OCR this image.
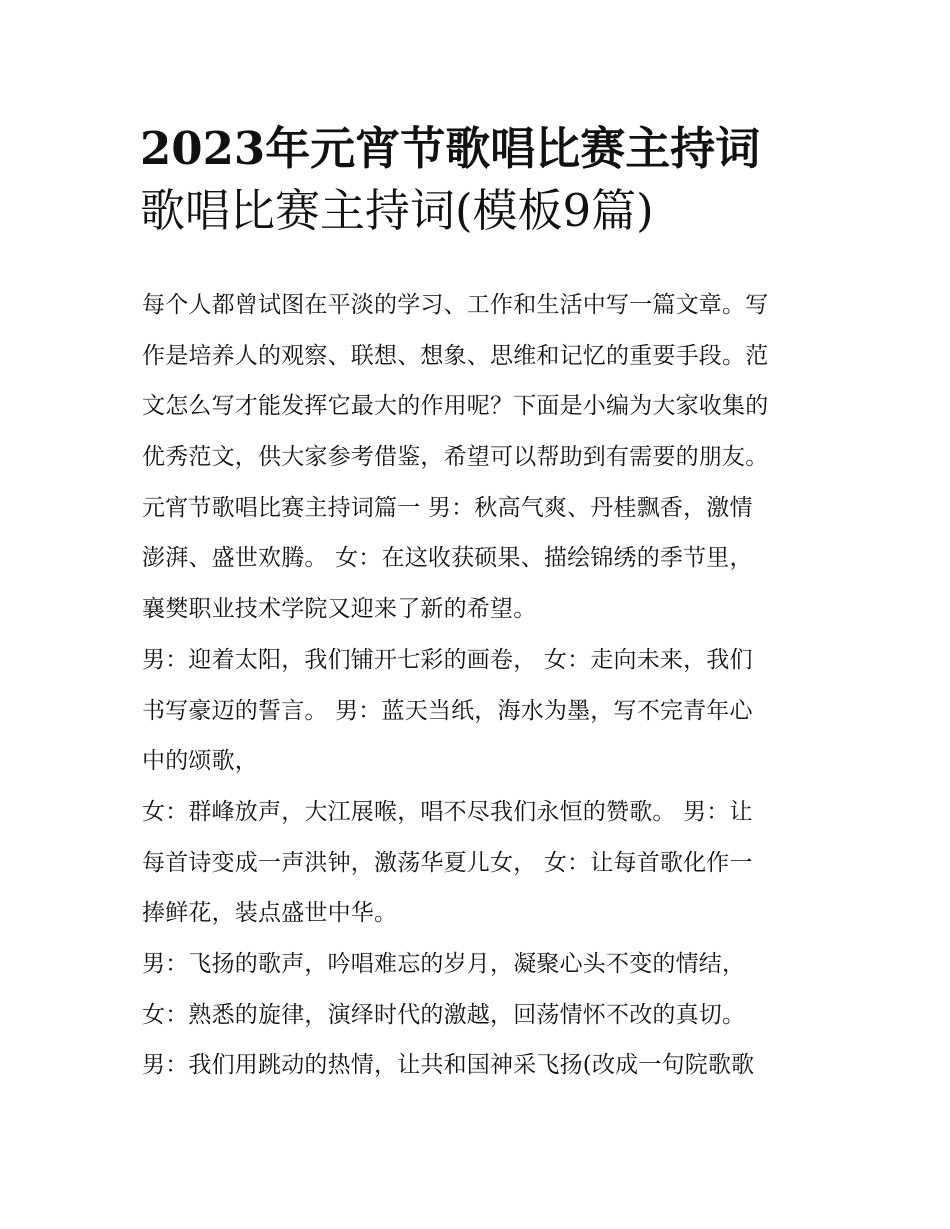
2023年元宵节歌唱比赛主持词

歌唱比赛主持词(模板9篇)

每个人都曾试图在平淡的学习、工作和生活中写一篇文章。写

作是培养人的观察、联想、想象、思维和记忆的重要手段。范

文怎么写才能发挥它最大的作用呢？下面是小编为大家收集的

优秀范文，供大家参考借鉴，希望可以帮助到有需要的朋友。

元宵节歌唱比赛主持词篇一 男：秋高气爽、丹桂飘香，激情

澎湃、盛世欢腾。 女：在这收获硕果、描绘锦绣的季节里，

襄樊职业技术学院又迎来了新的希望。

男：迎着太阳，我们铺开七彩的画卷， 女：走向未来，我们

书写豪迈的誓言。 男：蓝天当纸，海水为墨，写不完青年心

中的颂歌，

女：群峰放声，大江展喉，唱不尽我们永恒的赞歌。 男：让

每首诗变成一声洪钟，激荡华夏儿女， 女：让每首歌化作一

捧鲜花，装点盛世中华。

男：飞扬的歌声，吟唱难忘的岁月，凝聚心头不变的情结，

女：熟悉的旋律，演绎时代的激越，回荡情怀不改的真切。

男：我们用跳动的热情，让共和国神采飞扬(改成一句院歌歌
